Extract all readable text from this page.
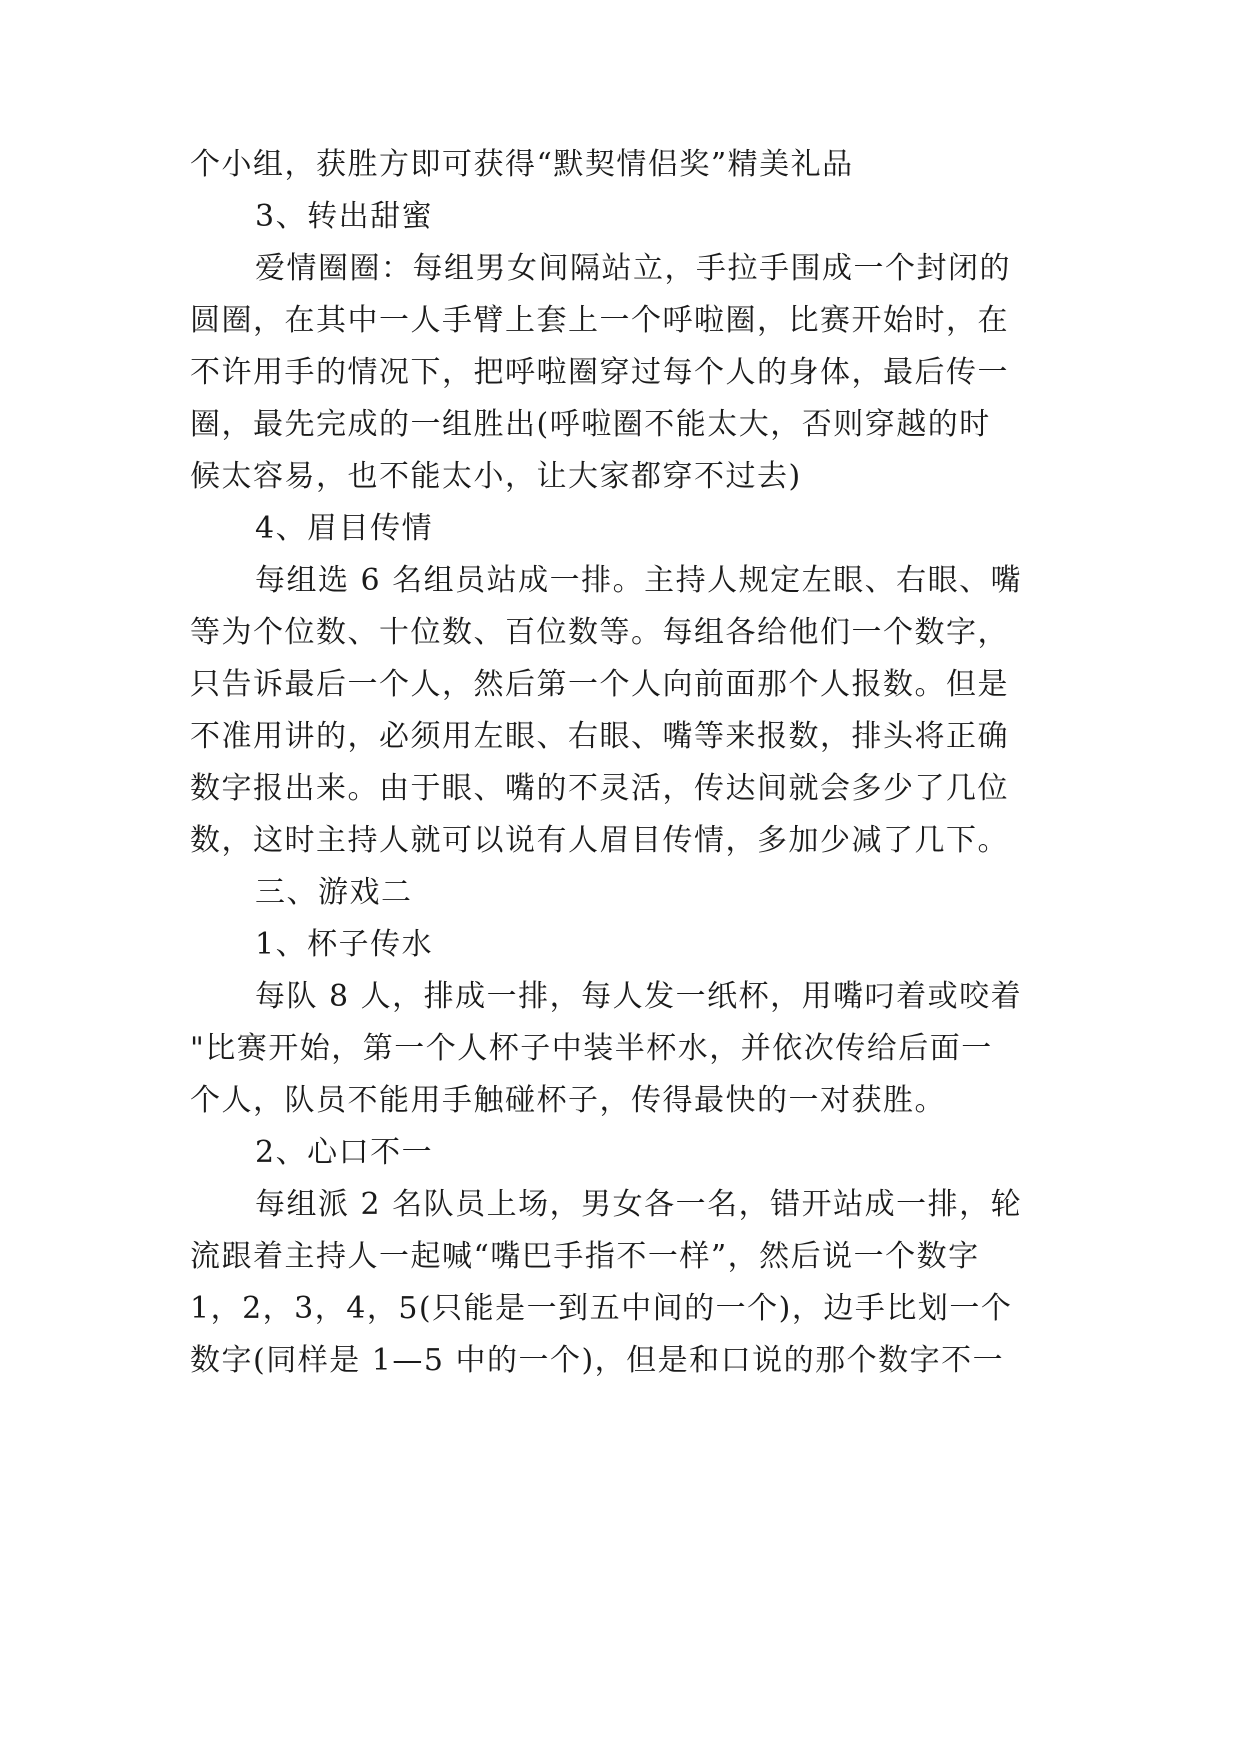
个小组，获胜方即可获得“默契情侣奖”精美礼品
3、转出甜蜜
爱情圈圈：每组男女间隔站立，手拉手围成一个封闭的
圆圈，在其中一人手臂上套上一个呼啦圈，比赛开始时，在
不许用手的情况下，把呼啦圈穿过每个人的身体，最后传一
圈，最先完成的一组胜出(呼啦圈不能太大，否则穿越的时
候太容易，也不能太小，让大家都穿不过去)
4、眉目传情
每组选 6 名组员站成一排。主持人规定左眼、右眼、嘴
等为个位数、十位数、百位数等。每组各给他们一个数字，
只告诉最后一个人，然后第一个人向前面那个人报数。但是
不准用讲的，必须用左眼、右眼、嘴等来报数，排头将正确
数字报出来。由于眼、嘴的不灵活，传达间就会多少了几位
数，这时主持人就可以说有人眉目传情，多加少减了几下。
三、游戏二
1、杯子传水
每队 8 人，排成一排，每人发一纸杯，用嘴叼着或咬着
"比赛开始，第一个人杯子中装半杯水，并依次传给后面一
个人，队员不能用手触碰杯子，传得最快的一对获胜。
2、心口不一
每组派 2 名队员上场，男女各一名，错开站成一排，轮
流跟着主持人一起喊“嘴巴手指不一样”，然后说一个数字
1，2，3，4，5(只能是一到五中间的一个)，边手比划一个
数字(同样是 1—5 中的一个)，但是和口说的那个数字不一
